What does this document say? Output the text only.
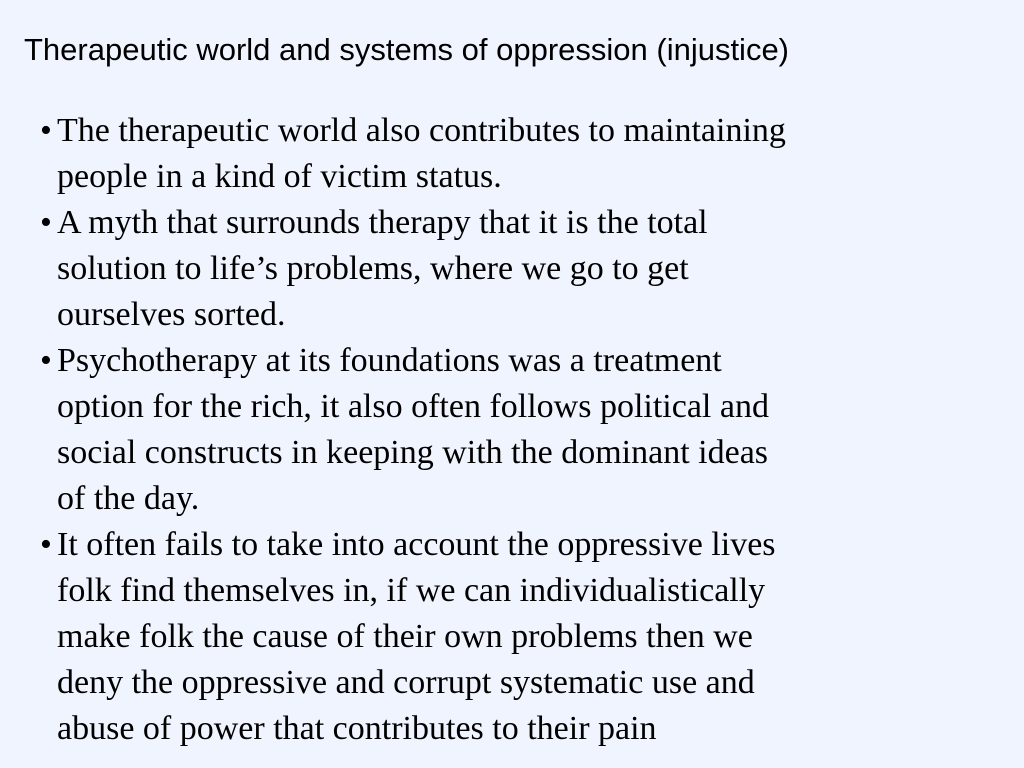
Therapeutic world and systems of oppression (injustice)
• The therapeutic world also contributes to maintaining
people in a kind of victim status.
• A myth that surrounds therapy that it is the total
solution to life’s problems, where we go to get
ourselves sorted.
• Psychotherapy at its foundations was a treatment
option for the rich, it also often follows political and
social constructs in keeping with the dominant ideas
of the day.
• It often fails to take into account the oppressive lives
folk find themselves in, if we can individualistically
make folk the cause of their own problems then we
deny the oppressive and corrupt systematic use and
abuse of power that contributes to their pain
